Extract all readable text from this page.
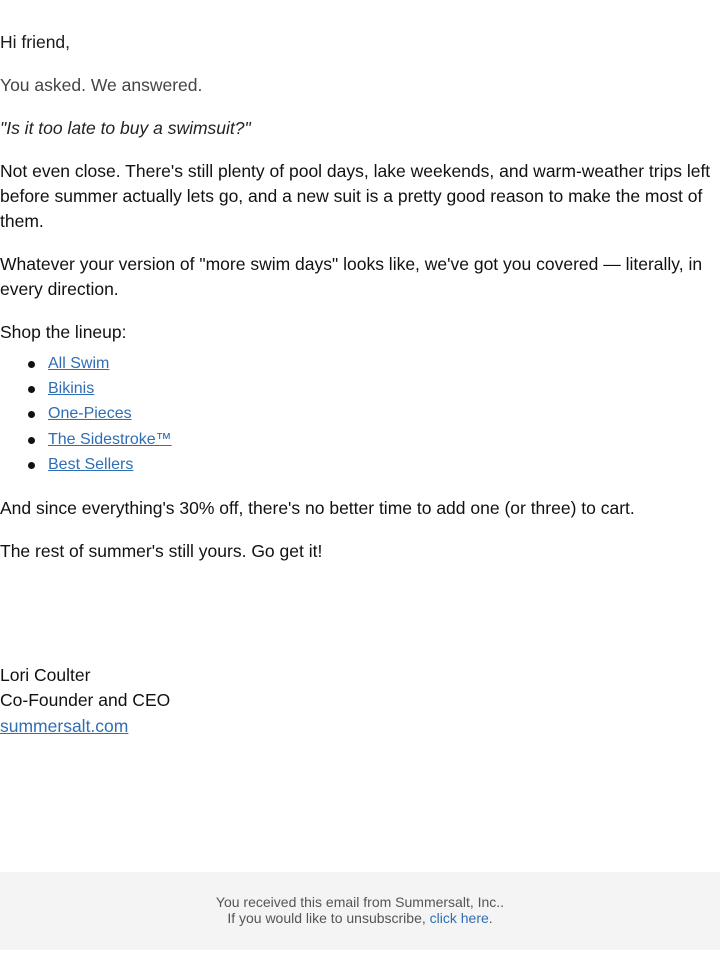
Hi friend,

You asked. We answered.

"Is it too late to buy a swimsuit?"

Not even close. There's still plenty of pool days, lake weekends, and warm-weather trips left before summer actually lets go, and a new suit is a pretty good reason to make the most of them.

Whatever your version of "more swim days" looks like, we've got you covered — literally, in every direction.

Shop the lineup:

All Swim
Bikinis
One-Pieces
The Sidestroke™
Best Sellers

And since everything's 30% off, there's no better time to add one (or three) to cart.

The rest of summer's still yours. Go get it!

Lori Coulter
Co-Founder and CEO
summersalt.com
You received this email from Summersalt, Inc..
If you would like to unsubscribe, click here.
